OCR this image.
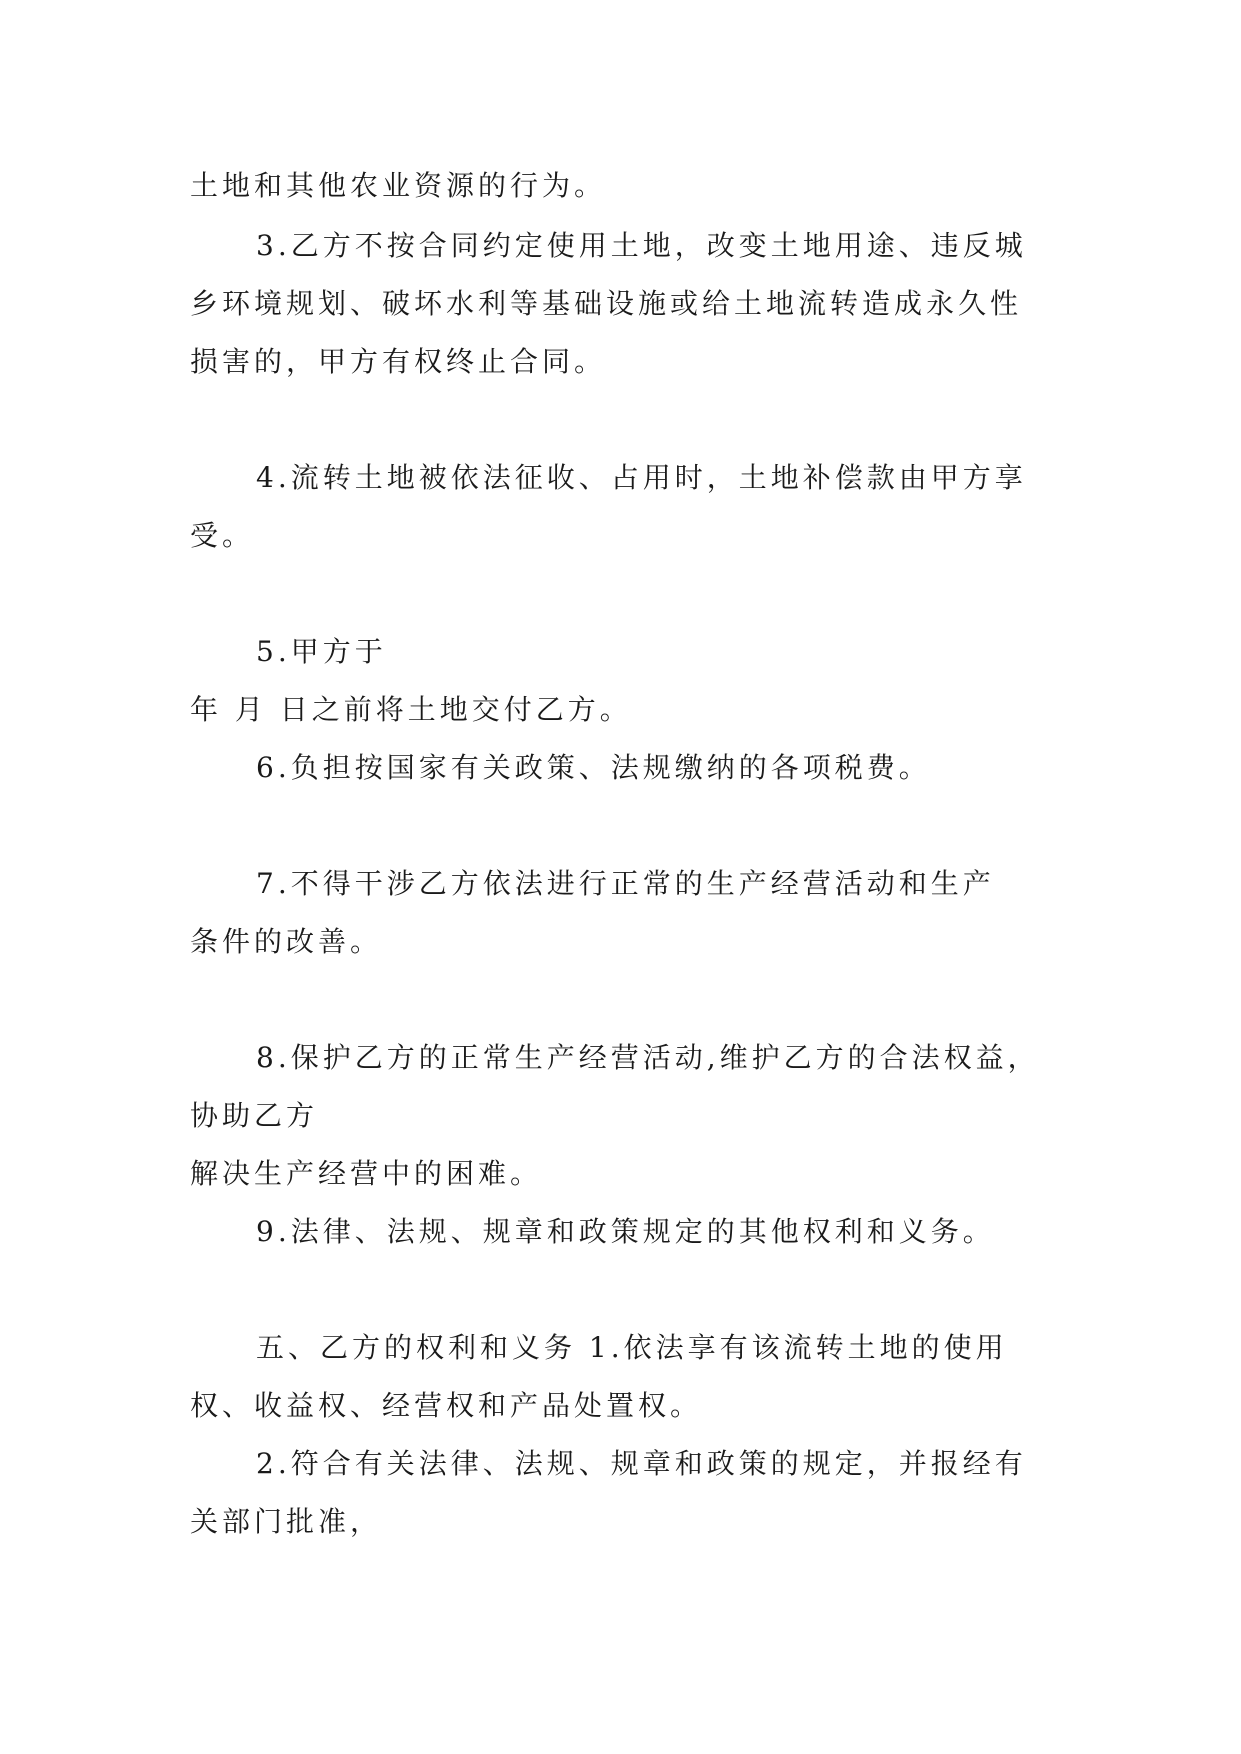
土地和其他农业资源的行为。
3.乙方不按合同约定使用土地，改变土地用途、违反城
乡环境规划、破坏水利等基础设施或给土地流转造成永久性
损害的，甲方有权终止合同。
4.流转土地被依法征收、占用时，土地补偿款由甲方享
受。
5.甲方于
年 月 日之前将土地交付乙方。
6.负担按国家有关政策、法规缴纳的各项税费。
7.不得干涉乙方依法进行正常的生产经营活动和生产
条件的改善。
8.保护乙方的正常生产经营活动,维护乙方的合法权益，
协助乙方
解决生产经营中的困难。
9.法律、法规、规章和政策规定的其他权利和义务。
五、乙方的权利和义务 1.依法享有该流转土地的使用
权、收益权、经营权和产品处置权。
2.符合有关法律、法规、规章和政策的规定，并报经有
关部门批准，
